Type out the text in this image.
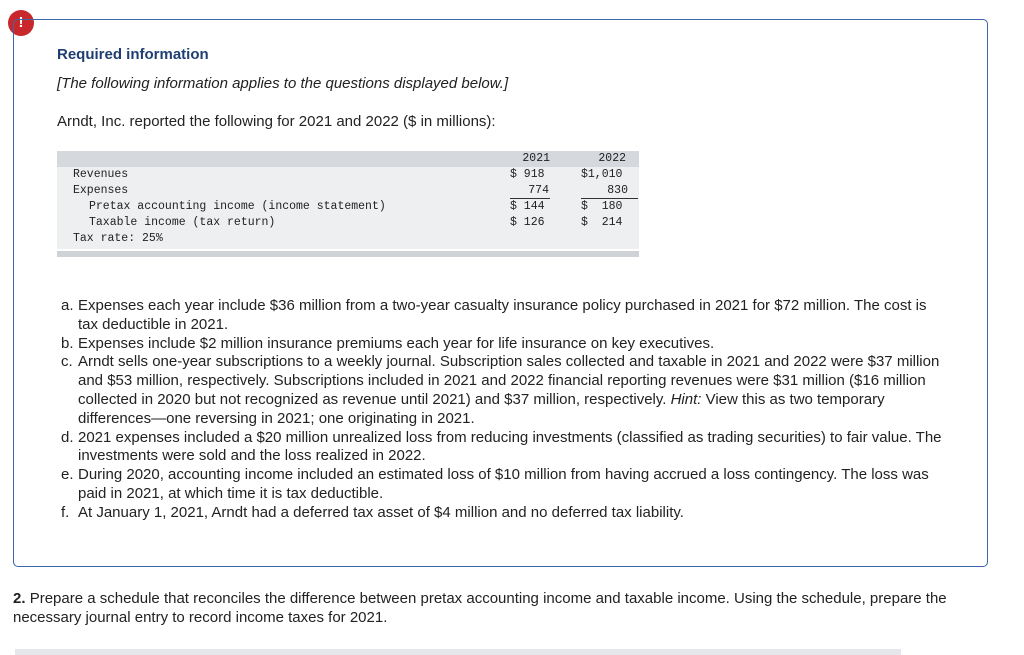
!
Required information
[The following information applies to the questions displayed below.]
Arndt, Inc. reported the following for 2021 and 2022 ($ in millions):
2021	2022
Revenues	$ 918	$1,010
Expenses	774	830
Pretax accounting income (income statement)	$ 144	$  180
Taxable income (tax return)	$ 126	$  214
Tax rate: 25%
a. Expenses each year include $36 million from a two-year casualty insurance policy purchased in 2021 for $72 million. The cost is tax deductible in 2021.
b. Expenses include $2 million insurance premiums each year for life insurance on key executives.
c. Arndt sells one-year subscriptions to a weekly journal. Subscription sales collected and taxable in 2021 and 2022 were $37 million and $53 million, respectively. Subscriptions included in 2021 and 2022 financial reporting revenues were $31 million ($16 million collected in 2020 but not recognized as revenue until 2021) and $37 million, respectively. Hint: View this as two temporary differences—one reversing in 2021; one originating in 2021.
d. 2021 expenses included a $20 million unrealized loss from reducing investments (classified as trading securities) to fair value. The investments were sold and the loss realized in 2022.
e. During 2020, accounting income included an estimated loss of $10 million from having accrued a loss contingency. The loss was paid in 2021, at which time it is tax deductible.
f. At January 1, 2021, Arndt had a deferred tax asset of $4 million and no deferred tax liability.
2. Prepare a schedule that reconciles the difference between pretax accounting income and taxable income. Using the schedule, prepare the necessary journal entry to record income taxes for 2021.
